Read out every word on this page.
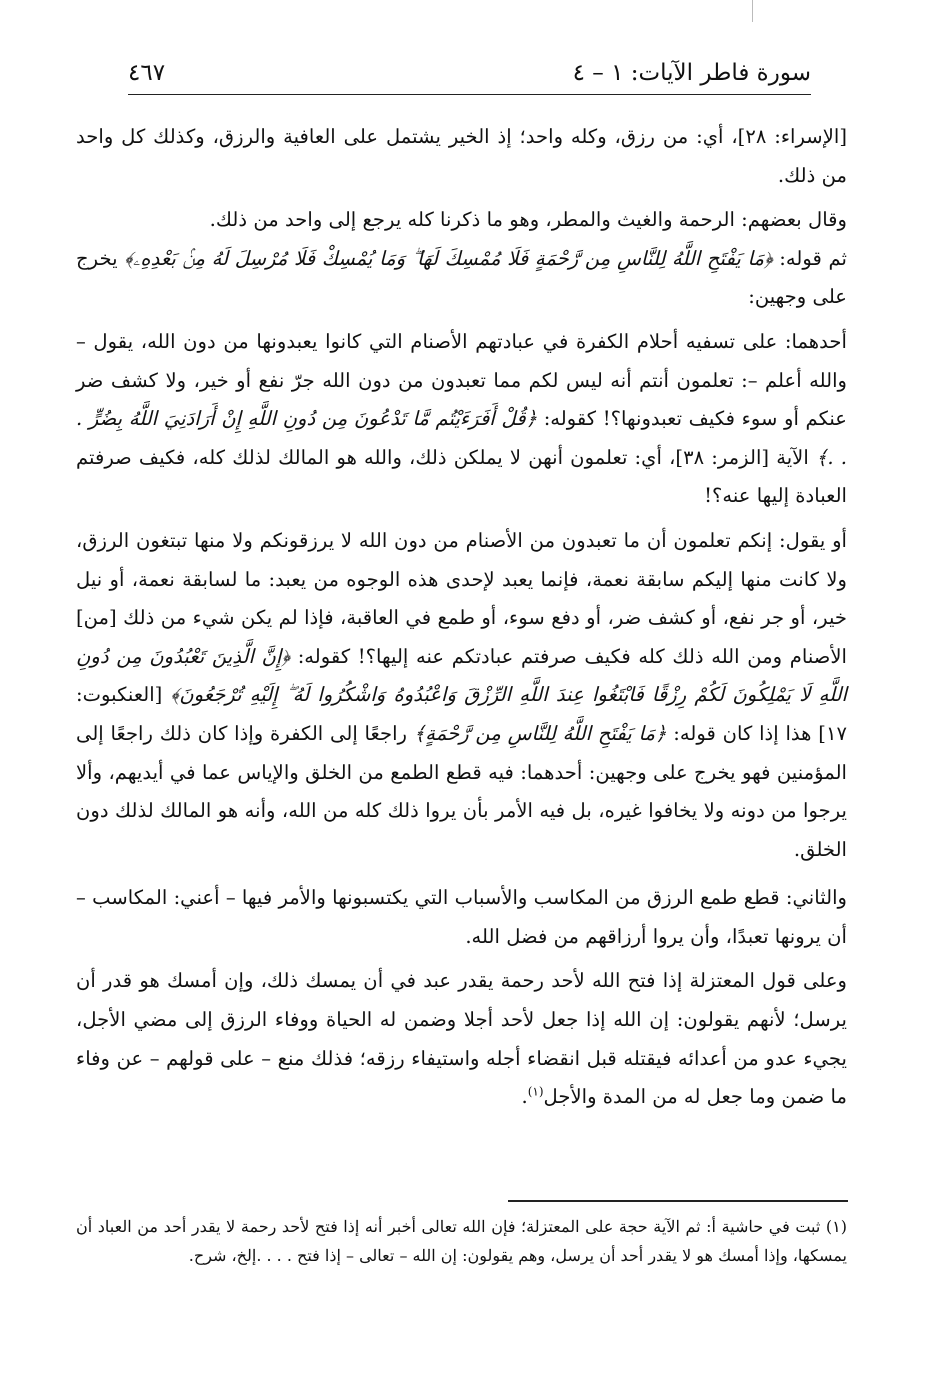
سورة فاطر الآيات: ١ – ٤
٤٦٧

[الإسراء: ٢٨]، أي: من رزق، وكله واحد؛ إذ الخير يشتمل على العافية والرزق، وكذلك كل واحد من ذلك.

وقال بعضهم: الرحمة والغيث والمطر، وهو ما ذكرنا كله يرجع إلى واحد من ذلك.

ثم قوله: ﴿مَا يَفْتَحِ اللَّهُ لِلنَّاسِ مِن رَّحْمَةٍ فَلَا مُمْسِكَ لَهَا ۖ وَمَا يُمْسِكْ فَلَا مُرْسِلَ لَهُ مِنۢ بَعْدِهِۦ﴾ يخرج على وجهين:

أحدهما: على تسفيه أحلام الكفرة في عبادتهم الأصنام التي كانوا يعبدونها من دون الله، يقول – والله أعلم –: تعلمون أنتم أنه ليس لكم مما تعبدون من دون الله جرّ نفع أو خير، ولا كشف ضر عنكم أو سوء فكيف تعبدونها؟! كقوله: ﴿قُلْ أَفَرَءَيْتُم مَّا تَدْعُونَ مِن دُونِ اللَّهِ إِنْ أَرَادَنِيَ اللَّهُ بِضُرٍّ . . .﴾ الآية [الزمر: ٣٨]، أي: تعلمون أنهن لا يملكن ذلك، والله هو المالك لذلك كله، فكيف صرفتم العبادة إليها عنه؟!

أو يقول: إنكم تعلمون أن ما تعبدون من الأصنام من دون الله لا يرزقونكم ولا منها تبتغون الرزق، ولا كانت منها إليكم سابقة نعمة، فإنما يعبد لإحدى هذه الوجوه من يعبد: ما لسابقة نعمة، أو نيل خير، أو جر نفع، أو كشف ضر، أو دفع سوء، أو طمع في العاقبة، فإذا لم يكن شيء من ذلك [من] الأصنام ومن الله ذلك كله فكيف صرفتم عبادتكم عنه إليها؟! كقوله: ﴿إِنَّ الَّذِينَ تَعْبُدُونَ مِن دُونِ اللَّهِ لَا يَمْلِكُونَ لَكُمْ رِزْقًا فَابْتَغُوا عِندَ اللَّهِ الرِّزْقَ وَاعْبُدُوهُ وَاشْكُرُوا لَهُ ۖ إِلَيْهِ تُرْجَعُونَ﴾ [العنكبوت: ١٧] هذا إذا كان قوله: ﴿مَا يَفْتَحِ اللَّهُ لِلنَّاسِ مِن رَّحْمَةٍ﴾ راجعًا إلى الكفرة وإذا كان ذلك راجعًا إلى المؤمنين فهو يخرج على وجهين: أحدهما: فيه قطع الطمع من الخلق والإياس عما في أيديهم، وألا يرجوا من دونه ولا يخافوا غيره، بل فيه الأمر بأن يروا ذلك كله من الله، وأنه هو المالك لذلك دون الخلق.

والثاني: قطع طمع الرزق من المكاسب والأسباب التي يكتسبونها والأمر فيها – أعني: المكاسب – أن يرونها تعبدًا، وأن يروا أرزاقهم من فضل الله.

وعلى قول المعتزلة إذا فتح الله لأحد رحمة يقدر عبد في أن يمسك ذلك، وإن أمسك هو قدر أن يرسل؛ لأنهم يقولون: إن الله إذا جعل لأحد أجلا وضمن له الحياة ووفاء الرزق إلى مضي الأجل، يجيء عدو من أعدائه فيقتله قبل انقضاء أجله واستيفاء رزقه؛ فذلك منع – على قولهم – عن وفاء ما ضمن وما جعل له من المدة والأجل$^{(١)}$.

(١) ثبت في حاشية أ: ثم الآية حجة على المعتزلة؛ فإن الله تعالى أخبر أنه إذا فتح لأحد رحمة لا يقدر أحد من العباد أن يمسكها، وإذا أمسك هو لا يقدر أحد أن يرسل، وهم يقولون: إن الله – تعالى – إذا فتح . . . .إلخ، شرح.
